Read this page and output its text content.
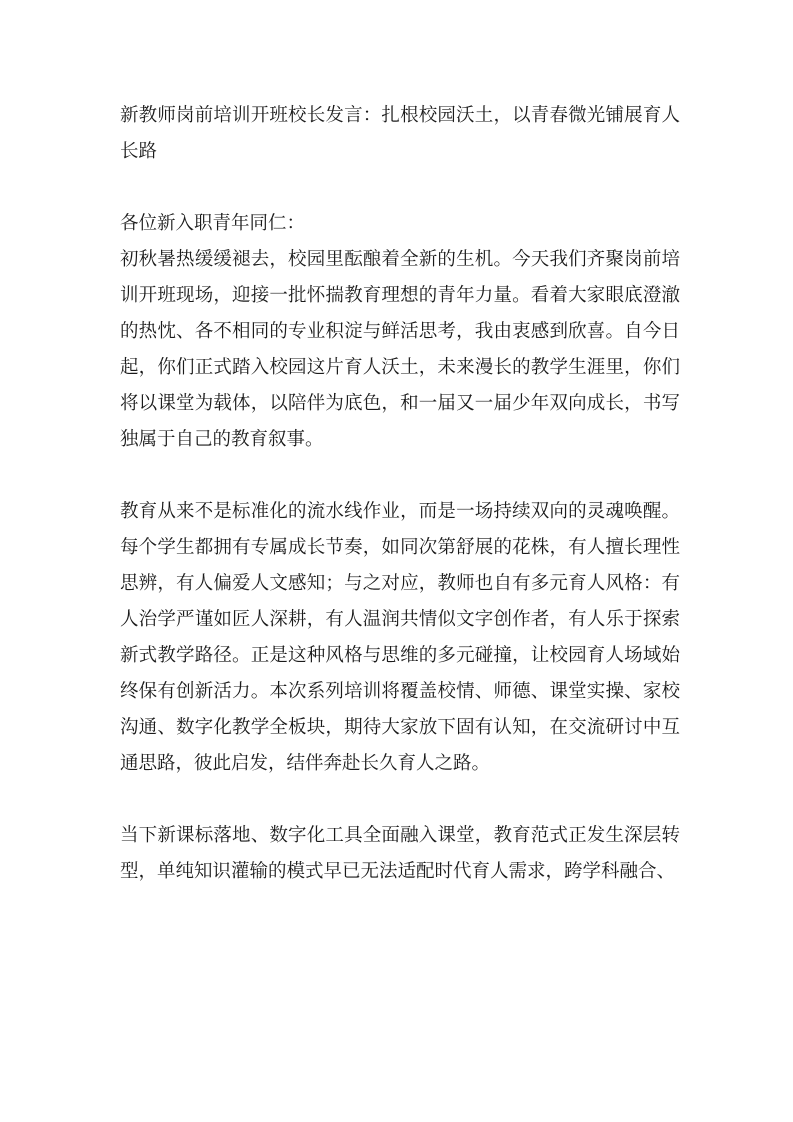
新教师岗前培训开班校长发言：扎根校园沃土，以青春微光铺展育人长路

各位新入职青年同仁：

初秋暑热缓缓褪去，校园里酝酿着全新的生机。今天我们齐聚岗前培训开班现场，迎接一批怀揣教育理想的青年力量。看着大家眼底澄澈的热忱、各不相同的专业积淀与鲜活思考，我由衷感到欣喜。自今日起，你们正式踏入校园这片育人沃土，未来漫长的教学生涯里，你们将以课堂为载体，以陪伴为底色，和一届又一届少年双向成长，书写独属于自己的教育叙事。

教育从来不是标准化的流水线作业，而是一场持续双向的灵魂唤醒。每个学生都拥有专属成长节奏，如同次第舒展的花株，有人擅长理性思辨，有人偏爱人文感知；与之对应，教师也自有多元育人风格：有人治学严谨如匠人深耕，有人温润共情似文字创作者，有人乐于探索新式教学路径。正是这种风格与思维的多元碰撞，让校园育人场域始终保有创新活力。本次系列培训将覆盖校情、师德、课堂实操、家校沟通、数字化教学全板块，期待大家放下固有认知，在交流研讨中互通思路，彼此启发，结伴奔赴长久育人之路。

当下新课标落地、数字化工具全面融入课堂，教育范式正发生深层转型，单纯知识灌输的模式早已无法适配时代育人需求，跨学科融合、
